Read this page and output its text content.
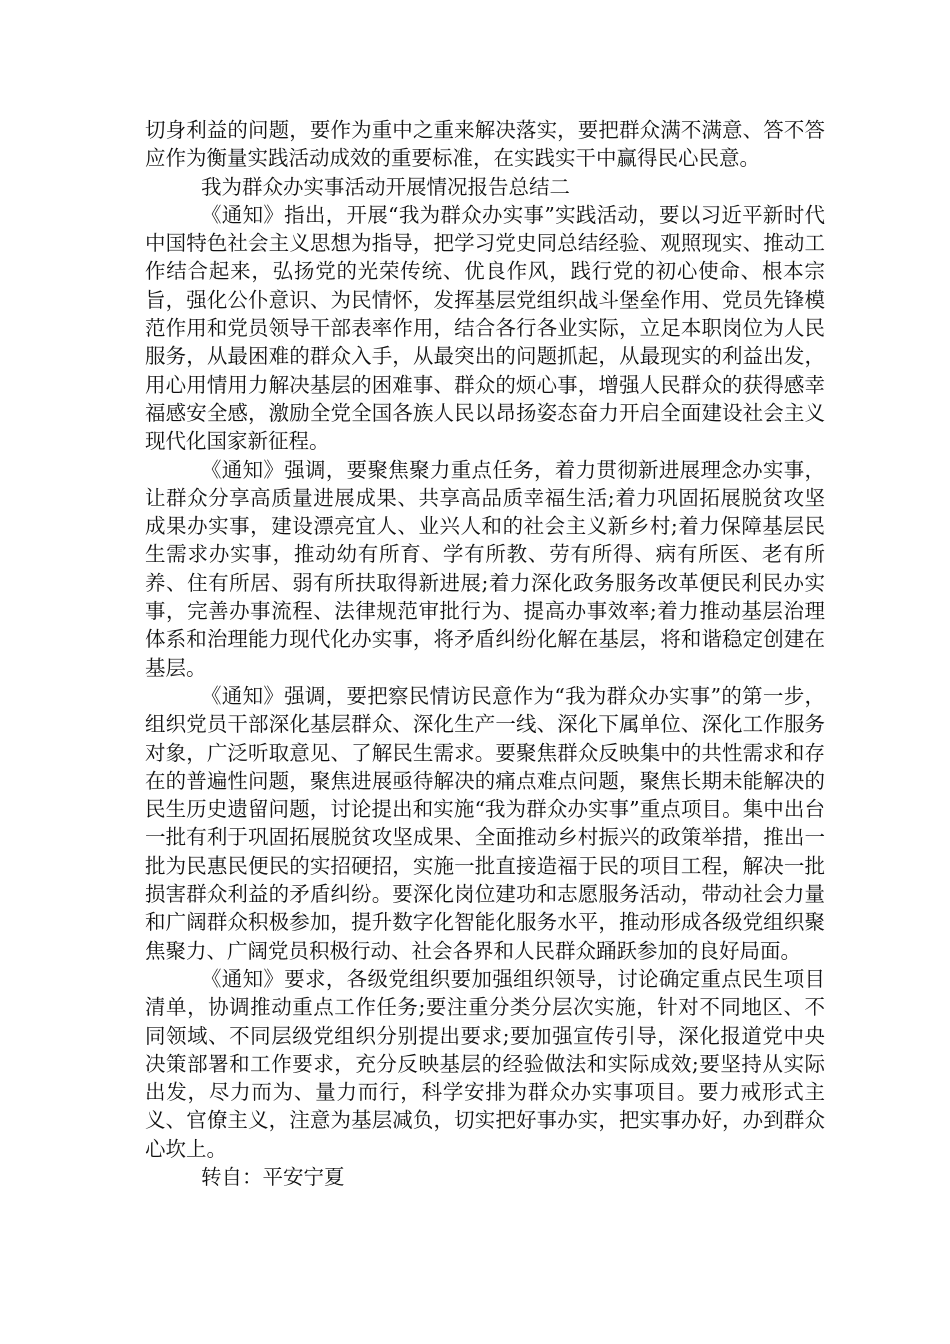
切身利益的问题，要作为重中之重来解决落实，要把群众满不满意、答不答应作为衡量实践活动成效的重要标准，在实践实干中赢得民心民意。

我为群众办实事活动开展情况报告总结二

《通知》指出，开展“我为群众办实事”实践活动，要以习近平新时代中国特色社会主义思想为指导，把学习党史同总结经验、观照现实、推动工作结合起来，弘扬党的光荣传统、优良作风，践行党的初心使命、根本宗旨，强化公仆意识、为民情怀，发挥基层党组织战斗堡垒作用、党员先锋模范作用和党员领导干部表率作用，结合各行各业实际，立足本职岗位为人民服务，从最困难的群众入手，从最突出的问题抓起，从最现实的利益出发，用心用情用力解决基层的困难事、群众的烦心事，增强人民群众的获得感幸福感安全感，激励全党全国各族人民以昂扬姿态奋力开启全面建设社会主义现代化国家新征程。

《通知》强调，要聚焦聚力重点任务，着力贯彻新进展理念办实事，让群众分享高质量进展成果、共享高品质幸福生活;着力巩固拓展脱贫攻坚成果办实事，建设漂亮宜人、业兴人和的社会主义新乡村;着力保障基层民生需求办实事，推动幼有所育、学有所教、劳有所得、病有所医、老有所养、住有所居、弱有所扶取得新进展;着力深化政务服务改革便民利民办实事，完善办事流程、法律规范审批行为、提高办事效率;着力推动基层治理体系和治理能力现代化办实事，将矛盾纠纷化解在基层，将和谐稳定创建在基层。

《通知》强调，要把察民情访民意作为“我为群众办实事”的第一步，组织党员干部深化基层群众、深化生产一线、深化下属单位、深化工作服务对象，广泛听取意见、了解民生需求。要聚焦群众反映集中的共性需求和存在的普遍性问题，聚焦进展亟待解决的痛点难点问题，聚焦长期未能解决的民生历史遗留问题，讨论提出和实施“我为群众办实事”重点项目。集中出台一批有利于巩固拓展脱贫攻坚成果、全面推动乡村振兴的政策举措，推出一批为民惠民便民的实招硬招，实施一批直接造福于民的项目工程，解决一批损害群众利益的矛盾纠纷。要深化岗位建功和志愿服务活动，带动社会力量和广阔群众积极参加，提升数字化智能化服务水平，推动形成各级党组织聚焦聚力、广阔党员积极行动、社会各界和人民群众踊跃参加的良好局面。

《通知》要求，各级党组织要加强组织领导，讨论确定重点民生项目清单，协调推动重点工作任务;要注重分类分层次实施，针对不同地区、不同领域、不同层级党组织分别提出要求;要加强宣传引导，深化报道党中央决策部署和工作要求，充分反映基层的经验做法和实际成效;要坚持从实际出发，尽力而为、量力而行，科学安排为群众办实事项目。要力戒形式主义、官僚主义，注意为基层减负，切实把好事办实，把实事办好，办到群众心坎上。

转自：平安宁夏
